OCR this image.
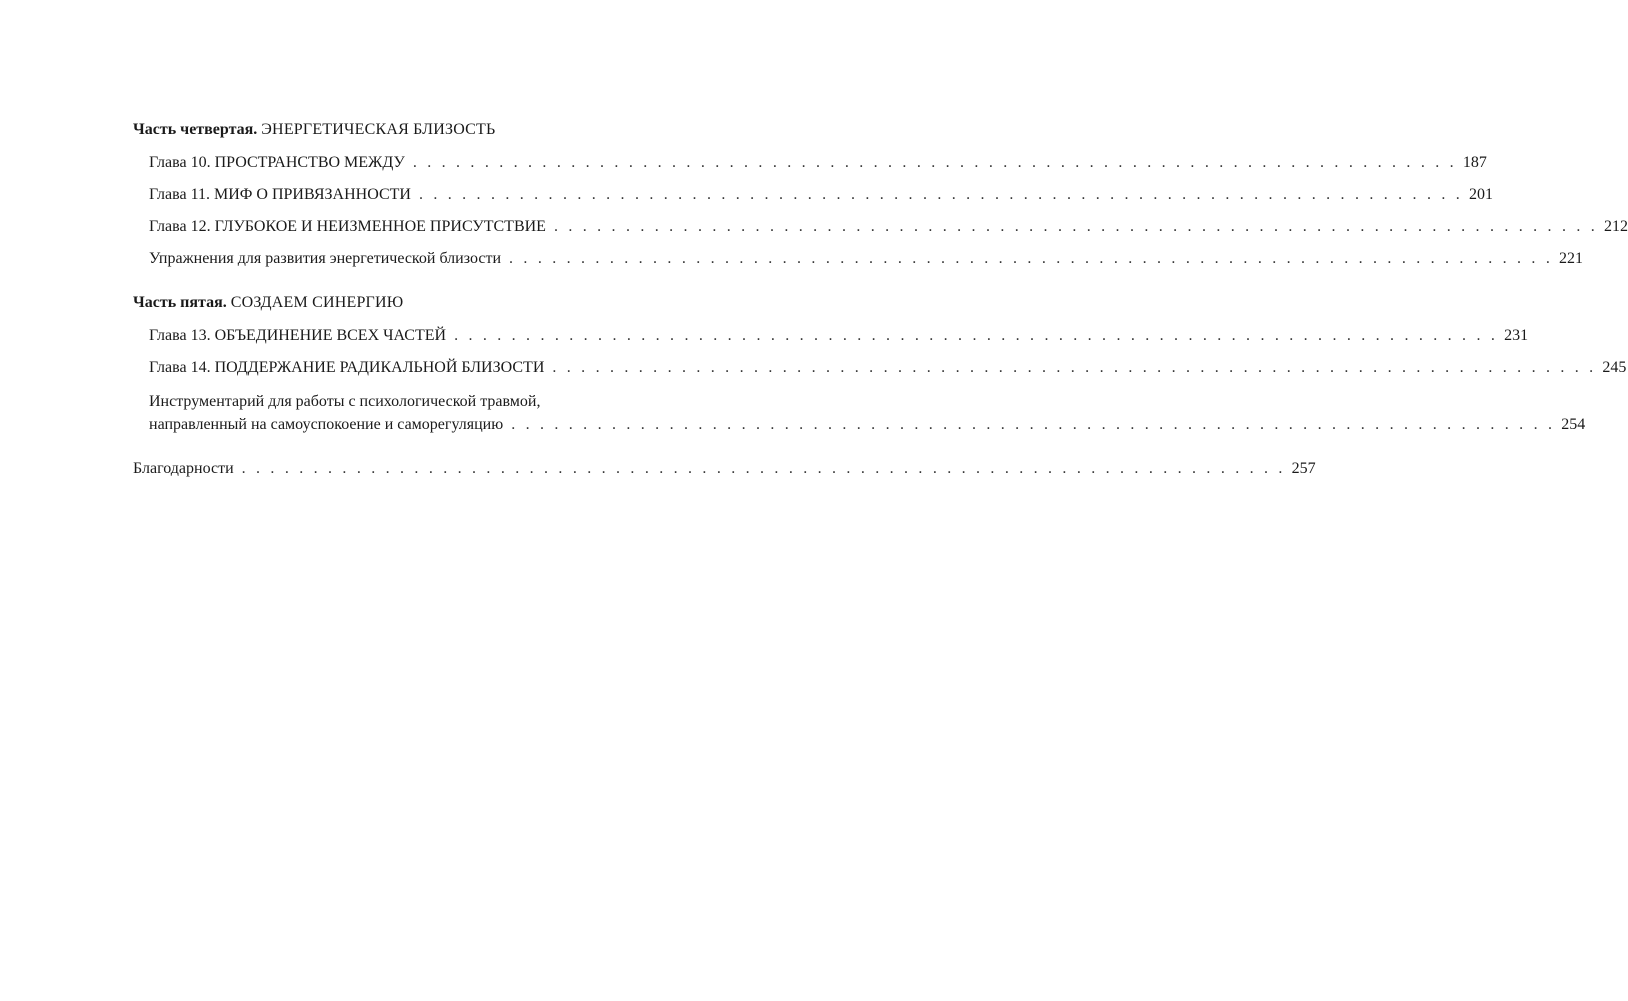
Часть четвертая. ЭНЕРГЕТИЧЕСКАЯ БЛИЗОСТЬ
Глава 10. ПРОСТРАНСТВО МЕЖДУ . . . . . . . . . . . . . . . . . . . . . . . . . . . . . . . . . . . . . . . . . . . . . . . . . . . . . . . . . . . . . . . . . . . . . . . . . 187
Глава 11. МИФ О ПРИВЯЗАННОСТИ . . . . . . . . . . . . . . . . . . . . . . . . . . . . . . . . . . . . . . . . . . . . . . . . . . . . . . . . . . . . . . . . . . . . . . . . . 201
Глава 12. ГЛУБОКОЕ И НЕИЗМЕННОЕ ПРИСУТСТВИЕ . . . . . . . . . . . . . . . . . . . . . . . . . . . . . . . . . . . . . . . . . . . . . . . . . . . . . . . . . . . . . . . . . . . . . . . . . 212
Упражнения для развития энергетической близости . . . . . . . . . . . . . . . . . . . . . . . . . . . . . . . . . . . . . . . . . . . . . . . . . . . . . . . . . . . . . . . . . . . . . . . . . 221
Часть пятая. СОЗДАЕМ СИНЕРГИЮ
Глава 13. ОБЪЕДИНЕНИЕ ВСЕХ ЧАСТЕЙ . . . . . . . . . . . . . . . . . . . . . . . . . . . . . . . . . . . . . . . . . . . . . . . . . . . . . . . . . . . . . . . . . . . . . . . . . 231
Глава 14. ПОДДЕРЖАНИЕ РАДИКАЛЬНОЙ БЛИЗОСТИ . . . . . . . . . . . . . . . . . . . . . . . . . . . . . . . . . . . . . . . . . . . . . . . . . . . . . . . . . . . . . . . . . . . . . . . . . 245
Инструментарий для работы с психологической травмой,
направленный на самоуспокоение и саморегуляцию . . . . . . . . . . . . . . . . . . . . . . . . . . . . . . . . . . . . . . . . . . . . . . . . . . . . . . . . . . . . . . . . . . . . . . . . . 254
Благодарности . . . . . . . . . . . . . . . . . . . . . . . . . . . . . . . . . . . . . . . . . . . . . . . . . . . . . . . . . . . . . . . . . . . . . . . . . 257
